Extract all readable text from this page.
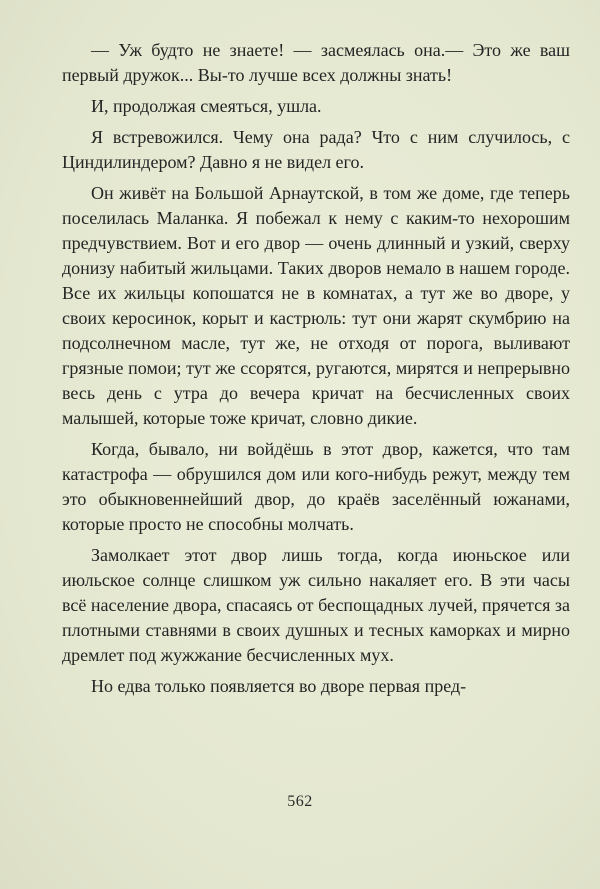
— Уж будто не знаете! — засмеялась она.— Это же ваш первый дружок... Вы-то лучше всех должны знать!

И, продолжая смеяться, ушла.

Я встревожился. Чему она рада? Что с ним случилось, с Циндилиндером? Давно я не видел его.

Он живёт на Большой Арнаутской, в том же доме, где теперь поселилась Маланка. Я побежал к нему с каким-то нехорошим предчувствием. Вот и его двор — очень длинный и узкий, сверху донизу набитый жильцами. Таких дворов немало в нашем городе. Все их жильцы копошатся не в комнатах, а тут же во дворе, у своих керосинок, корыт и кастрюль: тут они жарят скумбрию на подсолнечном масле, тут же, не отходя от порога, выливают грязные помои; тут же ссорятся, ругаются, мирятся и непрерывно весь день с утра до вечера кричат на бесчисленных своих малышей, которые тоже кричат, словно дикие.

Когда, бывало, ни войдёшь в этот двор, кажется, что там катастрофа — обрушился дом или кого-нибудь режут, между тем это обыкновеннейший двор, до краёв заселённый южанами, которые просто не способны молчать.

Замолкает этот двор лишь тогда, когда июньское или июльское солнце слишком уж сильно накаляет его. В эти часы всё население двора, спасаясь от беспощадных лучей, прячется за плотными ставнями в своих душных и тесных каморках и мирно дремлет под жужжание бесчисленных мух.

Но едва только появляется во дворе первая пред-

562
